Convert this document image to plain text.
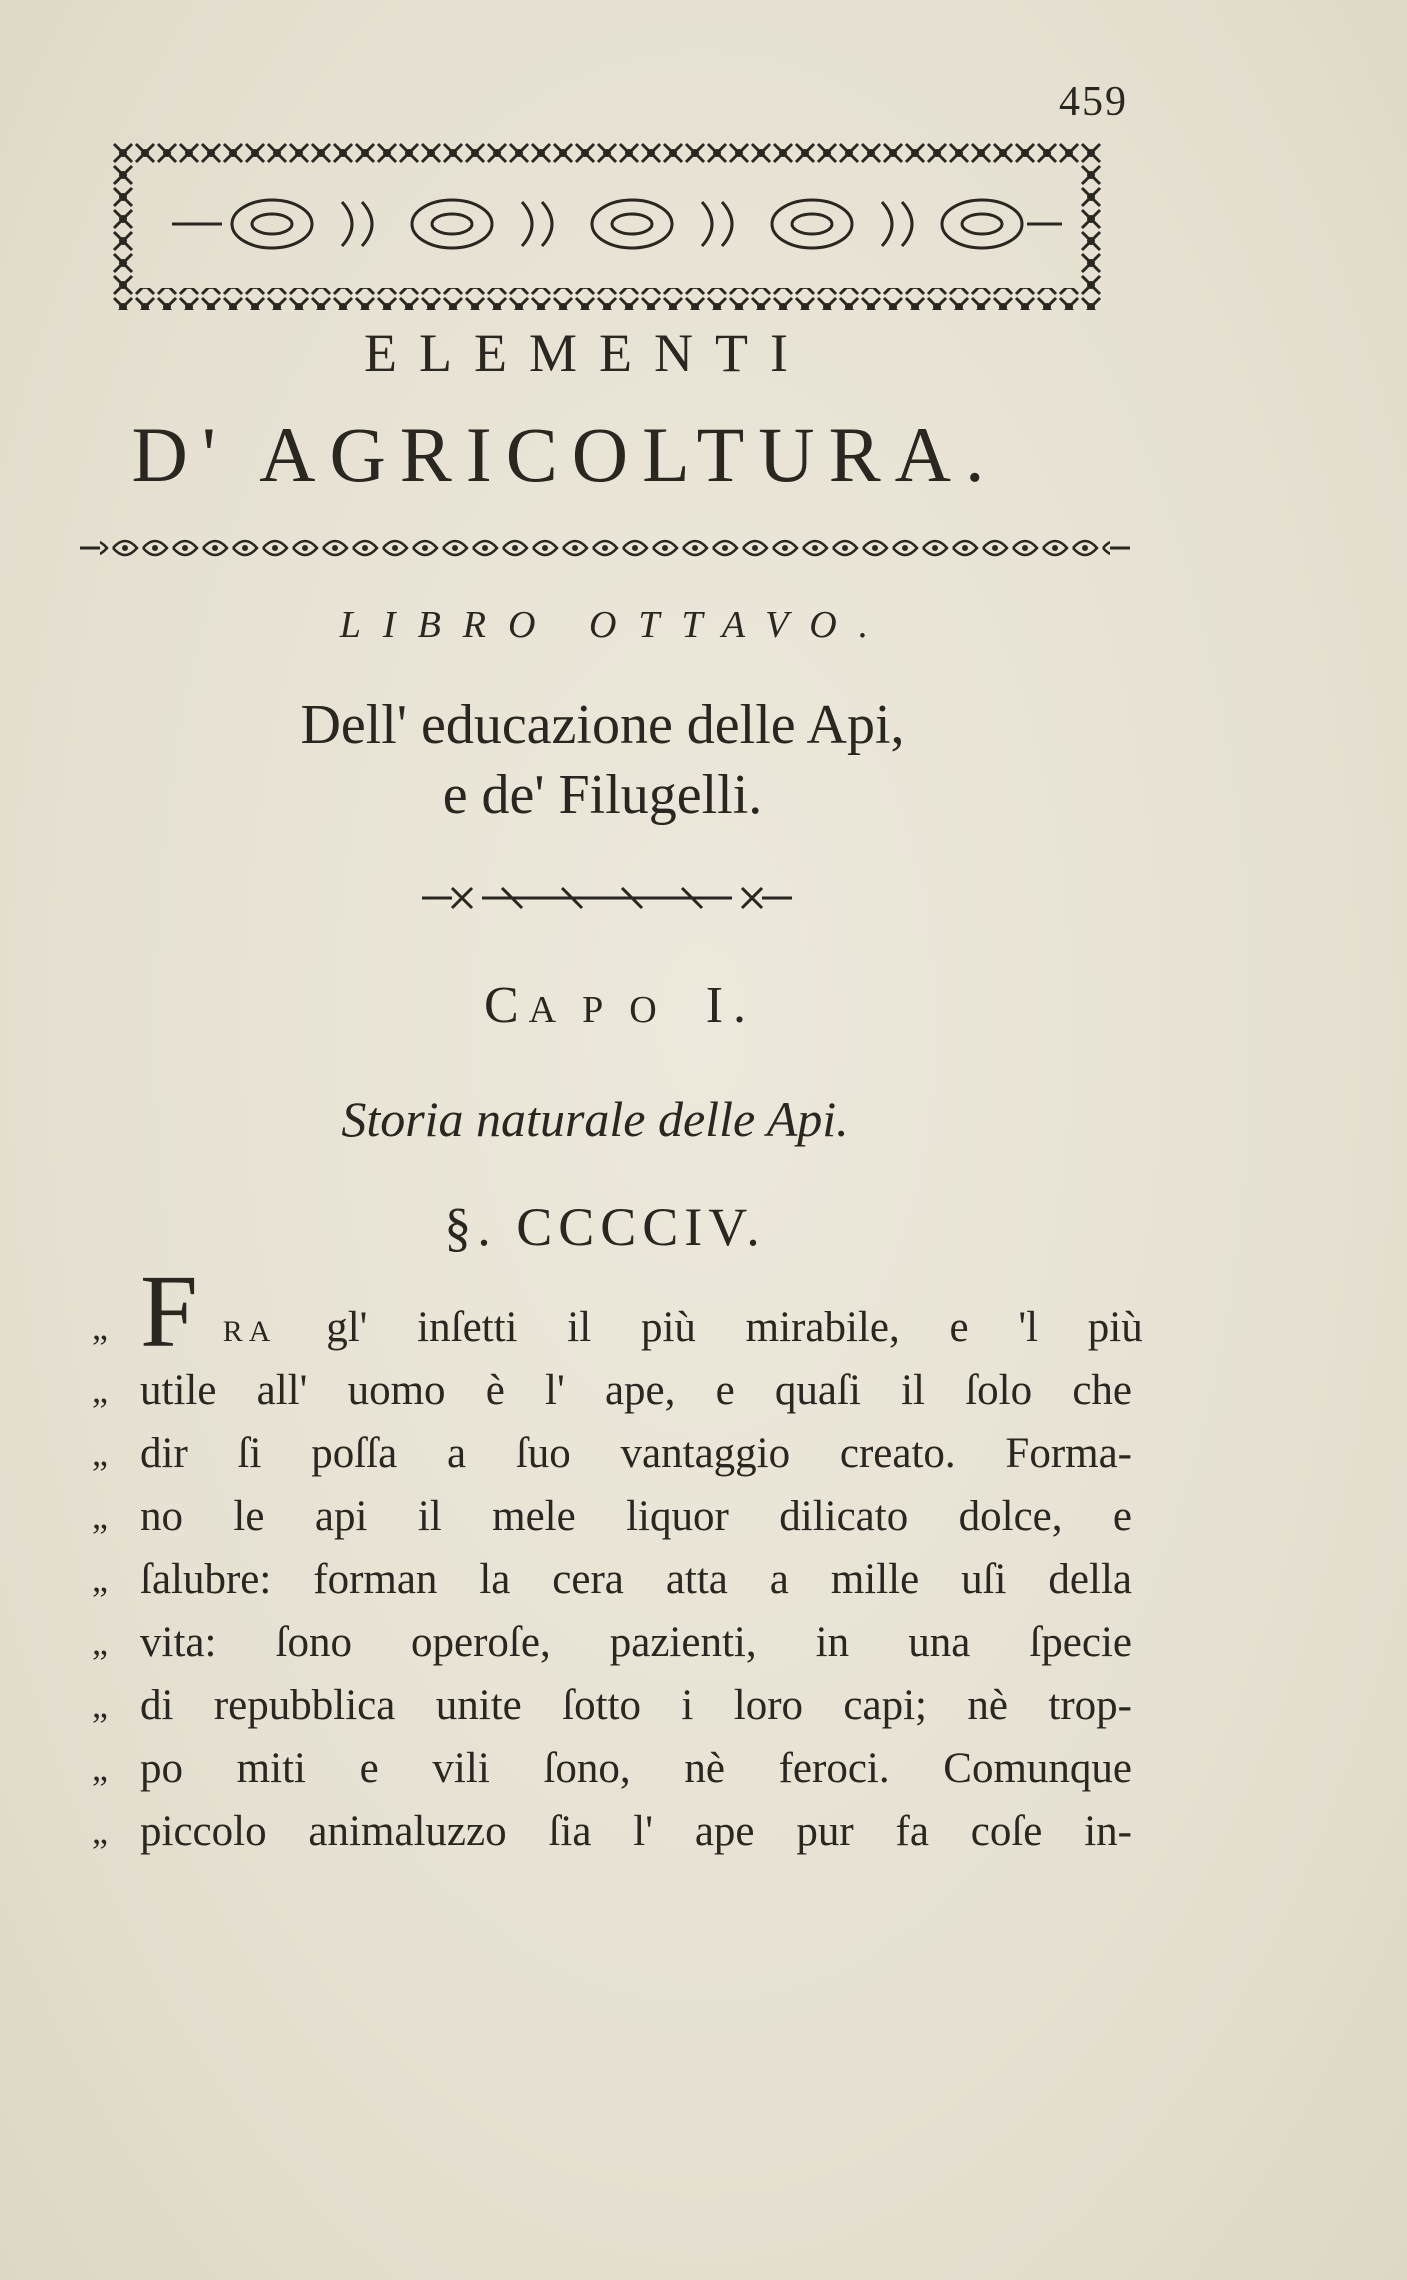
459
ELEMENTI
D' AGRICOLTURA.
LIBRO OTTAVO.
Dell' educazione delle Api,
e de' Filugelli.
CAPO I.
Storia naturale delle Api.
§. CCCCIV.
„ F RA gl' inſetti il più mirabile, e 'l più
„ utile all' uomo è l' ape, e quaſi il ſolo che
„ dir ſi poſſa a ſuo vantaggio creato. Forma-
„ no le api il mele liquor dilicato dolce, e
„ ſalubre: forman la cera atta a mille uſi della
„ vita: ſono operoſe, pazienti, in una ſpecie
„ di repubblica unite ſotto i loro capi; nè trop-
„ po miti e vili ſono, nè feroci. Comunque
„ piccolo animaluzzo ſia l' ape pur fa coſe in-
